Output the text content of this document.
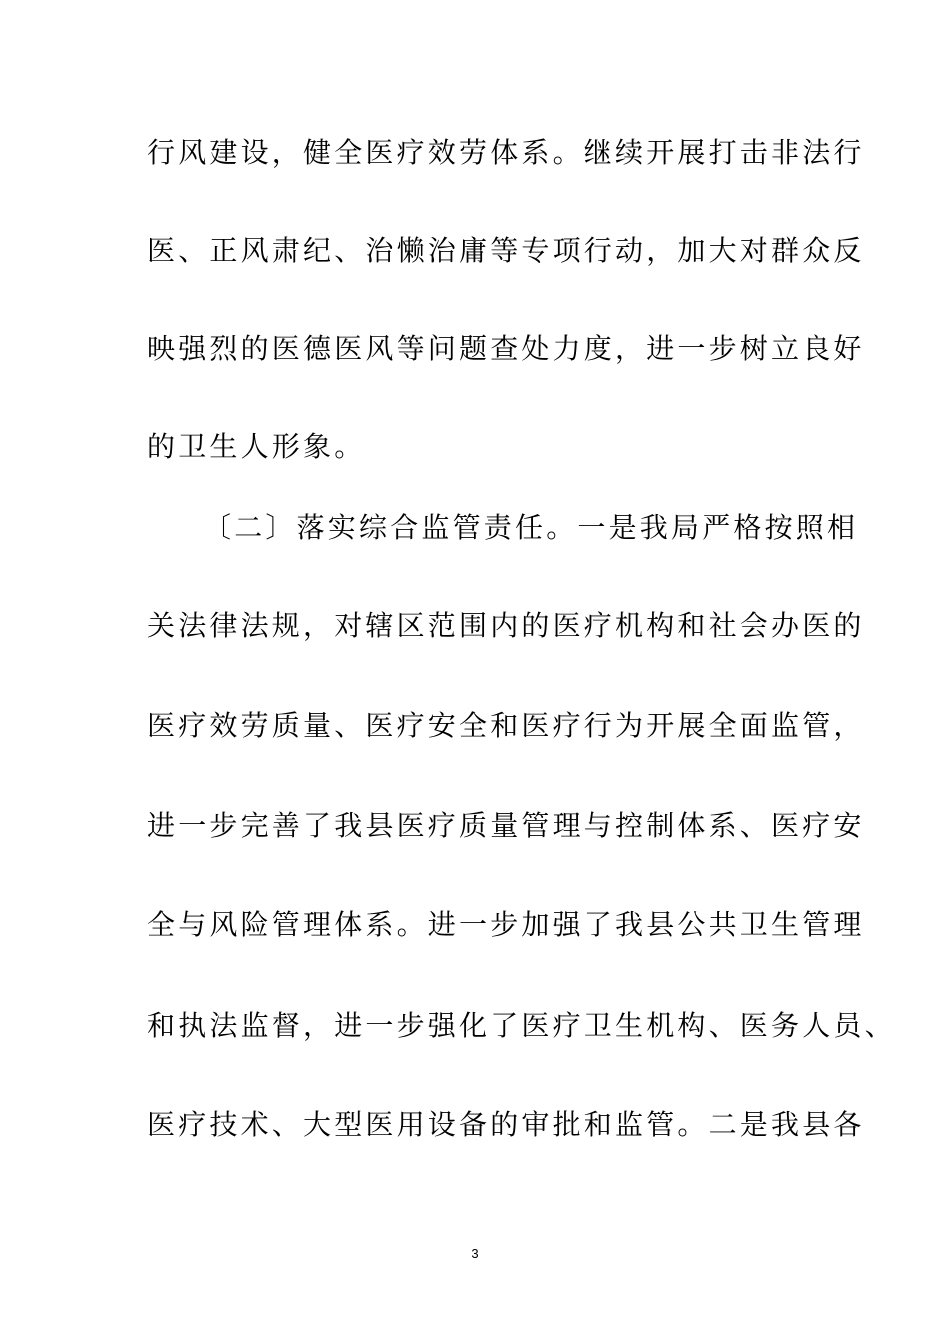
行风建设，健全医疗效劳体系。继续开展打击非法行
医、正风肃纪、治懒治庸等专项行动，加大对群众反
映强烈的医德医风等问题查处力度，进一步树立良好
的卫生人形象。
〔二〕落实综合监管责任。一是我局严格按照相
关法律法规，对辖区范围内的医疗机构和社会办医的
医疗效劳质量、医疗安全和医疗行为开展全面监管，
进一步完善了我县医疗质量管理与控制体系、医疗安
全与风险管理体系。进一步加强了我县公共卫生管理
和执法监督，进一步强化了医疗卫生机构、医务人员、
医疗技术、大型医用设备的审批和监管。二是我县各
3
